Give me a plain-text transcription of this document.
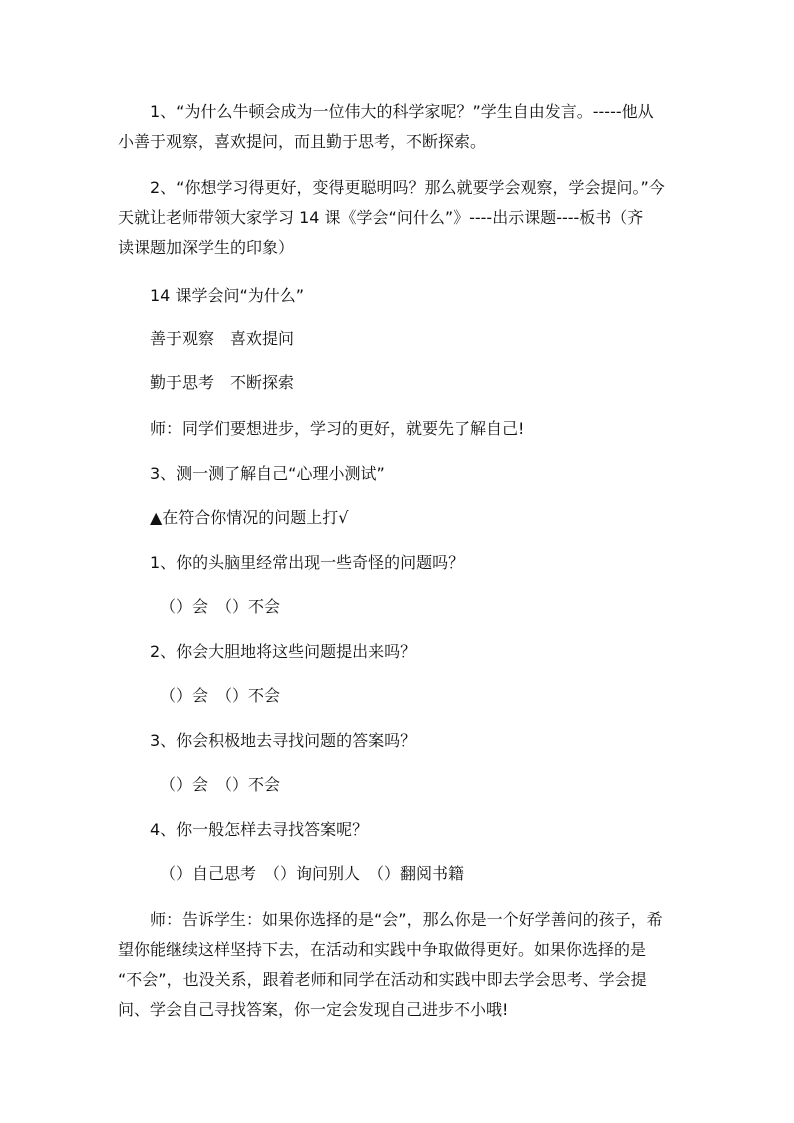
1、“为什么牛顿会成为一位伟大的科学家呢？”学生自由发言。-----他从
小善于观察，喜欢提问，而且勤于思考，不断探索。

2、“你想学习得更好，变得更聪明吗？那么就要学会观察，学会提问。”今
天就让老师带领大家学习 14 课《学会“问什么”》----出示课题----板书（齐
读课题加深学生的印象）

14 课学会问“为什么”

善于观察　喜欢提问

勤于思考　不断探索

师：同学们要想进步，学习的更好，就要先了解自己!

3、测一测了解自己“心理小测试”

▲在符合你情况的问题上打√

1、你的头脑里经常出现一些奇怪的问题吗？

（）会　（）不会

2、你会大胆地将这些问题提出来吗？

（）会　（）不会

3、你会积极地去寻找问题的答案吗？

（）会　（）不会

4、你一般怎样去寻找答案呢？

（）自己思考　（）询问别人　（）翻阅书籍

师：告诉学生：如果你选择的是“会”，那么你是一个好学善问的孩子，希
望你能继续这样坚持下去，在活动和实践中争取做得更好。如果你选择的是
“不会”，也没关系，跟着老师和同学在活动和实践中即去学会思考、学会提
问、学会自己寻找答案，你一定会发现自己进步不小哦!
